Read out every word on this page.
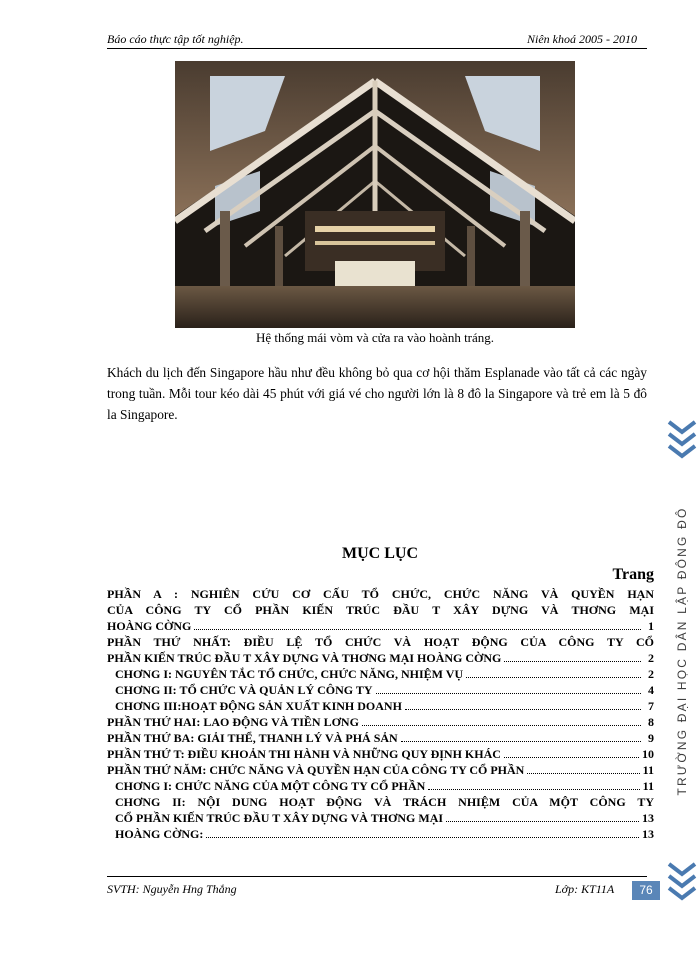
Báo cáo thực tập tốt nghiệp.	Niên khoá 2005 - 2010
Hệ thống mái vòm và cửa ra vào hoành tráng.
Khách du lịch đến Singapore hầu như đều không bỏ qua cơ hội thăm Esplanade vào tất cả các ngày trong tuần. Mỗi tour kéo dài 45 phút với giá vé cho người lớn là 8 đô la Singapore và trẻ em là 5 đô la Singapore.
MỤC LỤC
Trang
PHẦN A : NGHIÊN CỨU CƠ CẤU TỔ CHỨC, CHỨC NĂNG VÀ QUYỀN HẠN
CỦA CÔNG TY CỔ PHẦN KIẾN TRÚC ĐẦU T XÂY DỰNG VÀ THƠNG MẠI
HOÀNG CỜNG	1
PHẦN THỨ NHẤT: ĐIỀU LỆ TỔ CHỨC VÀ HOẠT ĐỘNG CỦA CÔNG TY CỔ
PHẦN KIẾN TRÚC ĐẦU T XÂY DỰNG VÀ THƠNG MẠI HOÀNG CỜNG	2
CHƠNG I: NGUYÊN TẮC TỔ CHỨC, CHỨC NĂNG, NHIỆM VỤ	2
CHƠNG II: TỔ CHỨC VÀ QUẢN LÝ CÔNG TY	4
CHƠNG III:HOẠT ĐỘNG SẢN XUẤT KINH DOANH	7
PHẦN THỨ HAI: LAO ĐỘNG VÀ TIỀN LƠNG	8
PHẦN THỨ BA: GIẢI THỂ, THANH LÝ VÀ PHÁ SẢN	9
PHẦN THỨ T: ĐIỀU KHOẢN THI HÀNH VÀ NHỮNG QUY ĐỊNH KHÁC	10
PHẦN THỨ NĂM: CHỨC NĂNG VÀ QUYỀN HẠN CỦA CÔNG TY CỔ PHẦN	11
CHƠNG I: CHỨC NĂNG CỦA MỘT CÔNG TY CỔ PHẦN	11
CHƠNG II: NỘI DUNG HOẠT ĐỘNG VÀ TRÁCH NHIỆM CỦA MỘT CÔNG TY
CỔ PHẦN KIẾN TRÚC ĐẦU T XÂY DỰNG VÀ THƠNG MẠI	13
HOÀNG CỜNG:	13
TRƯỜNG ĐẠI HỌC DÂN LẬP ĐÔNG ĐÔ
SVTH: Nguyễn Hng Thắng	Lớp: KT11A	76
